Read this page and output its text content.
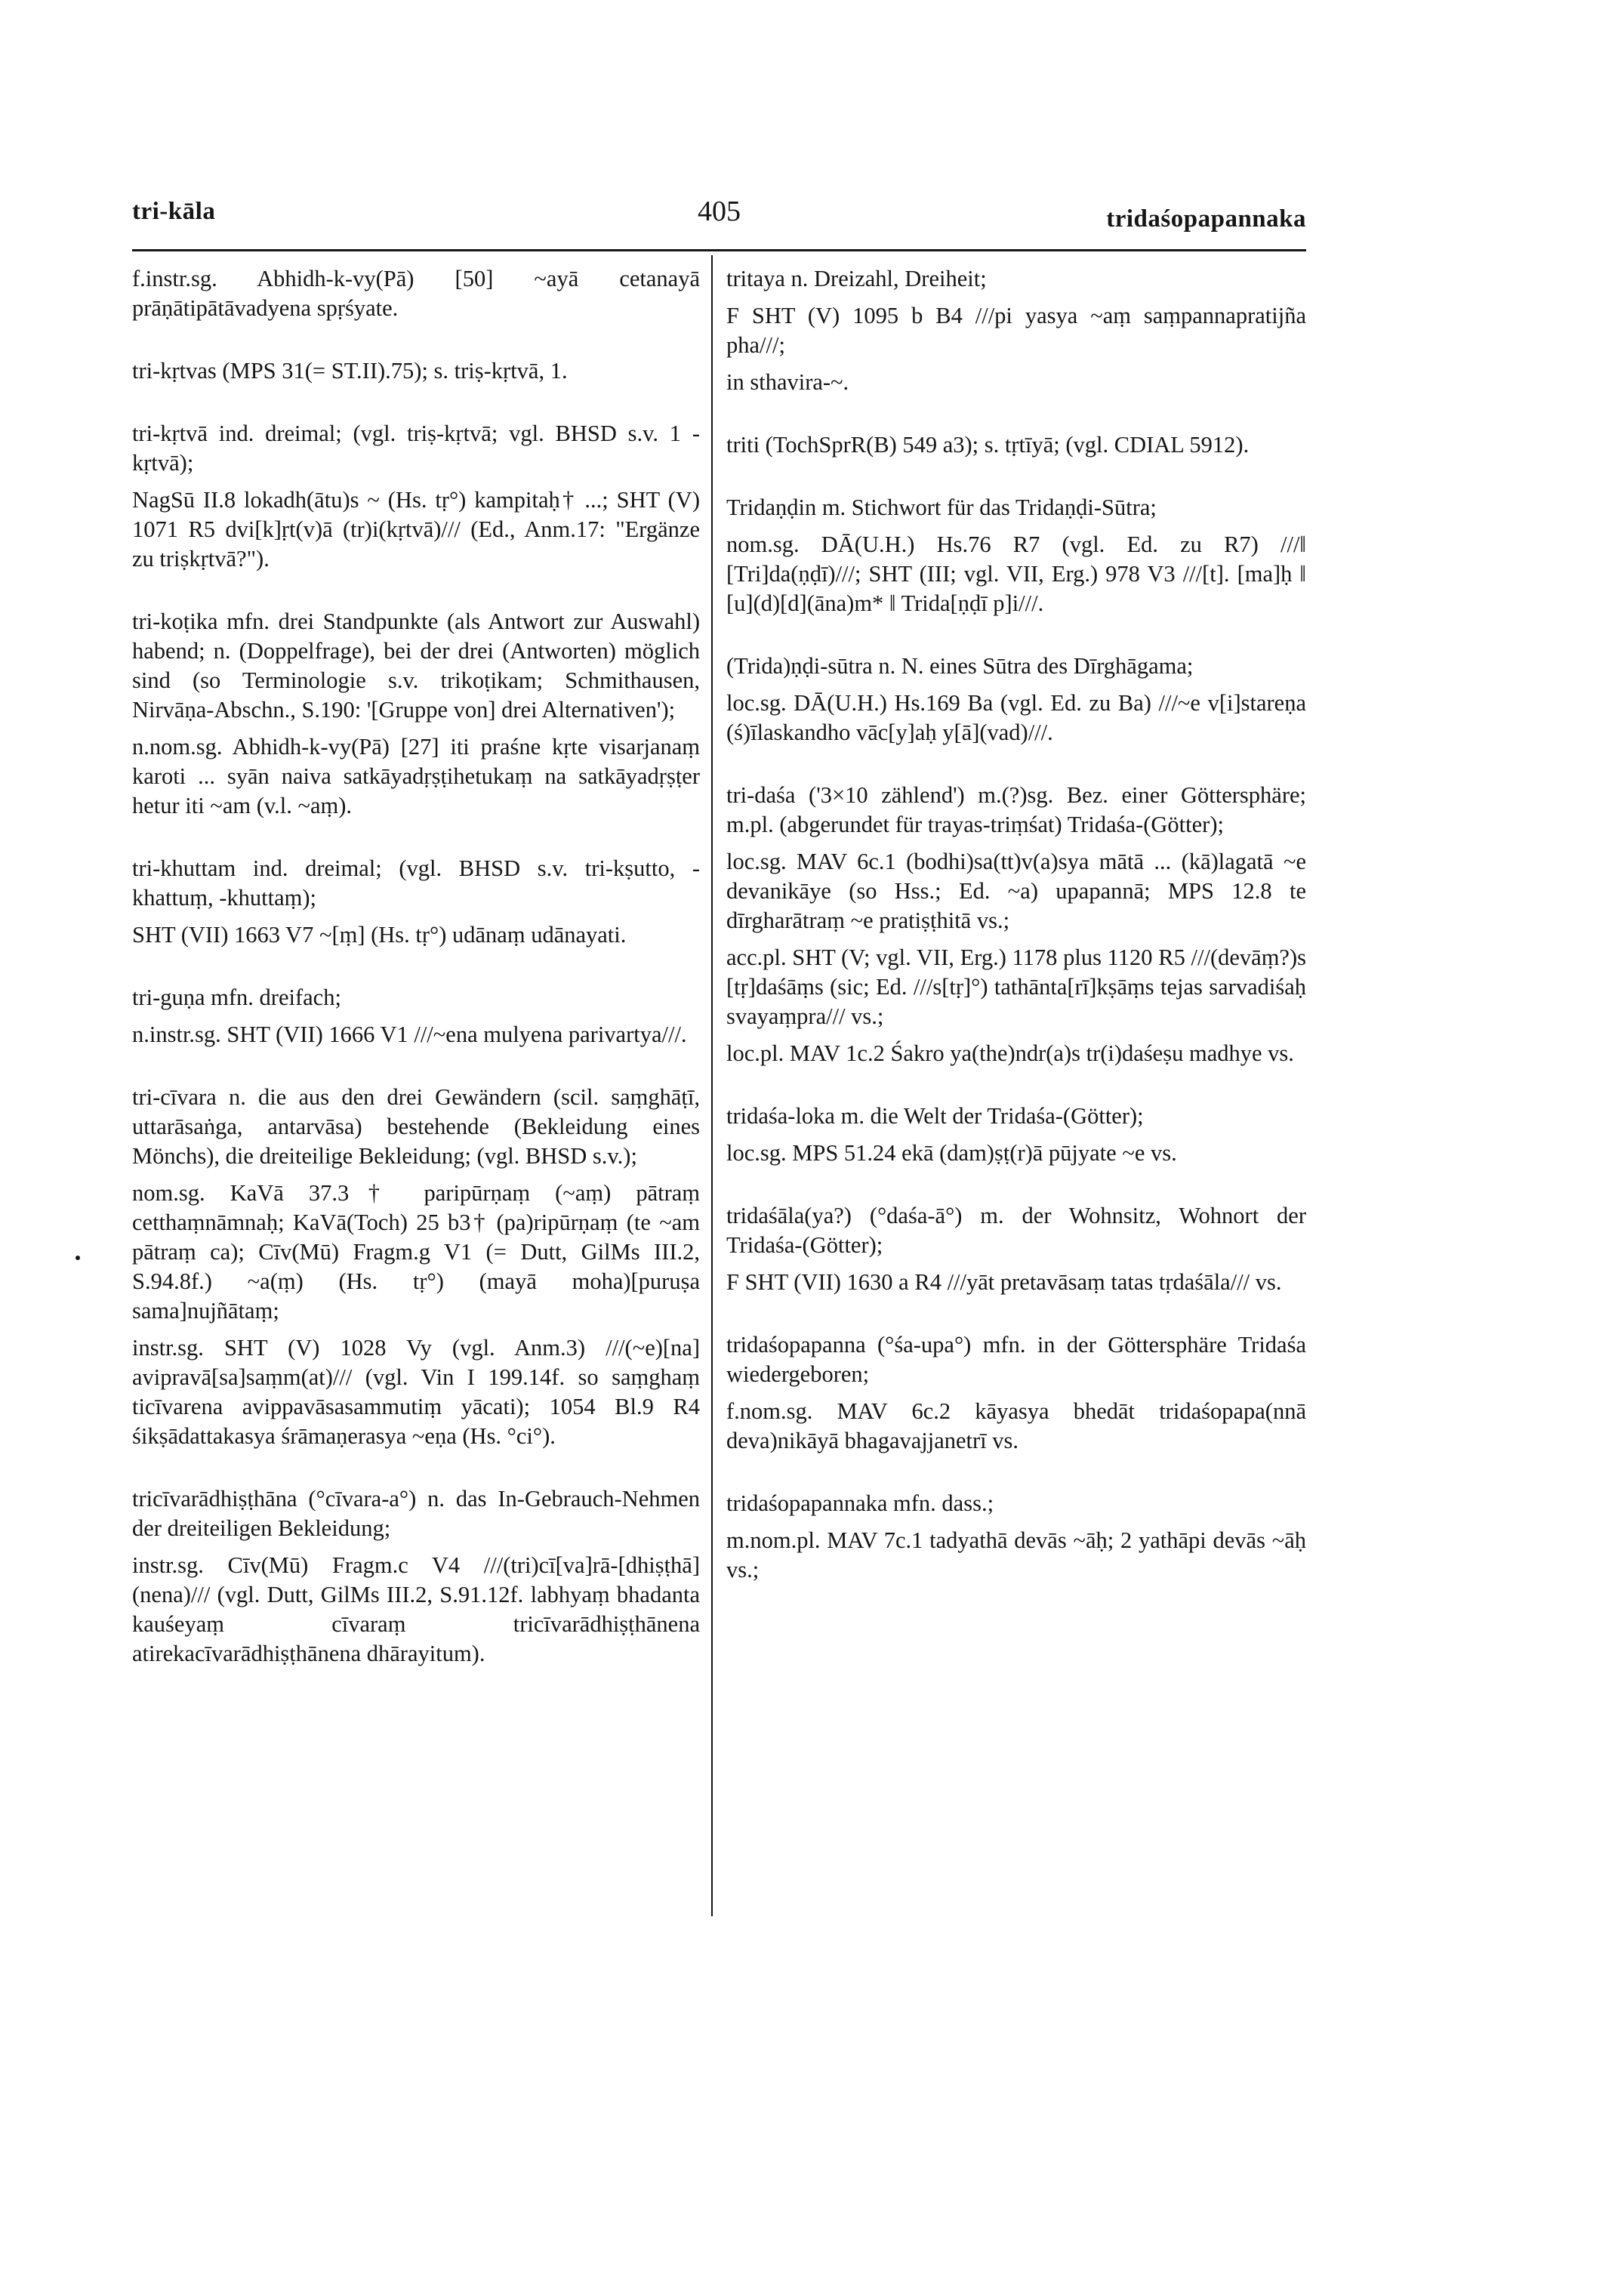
tri-kāla	405	tridaśopapannaka

f.instr.sg. Abhidh-k-vy(Pā) [50] ~ayā cetanayā prāṇātipātāvadyena spṛśyate.

tri-kṛtvas (MPS 31(= ST.II).75); s. triṣ-kṛtvā, 1.

tri-kṛtvā ind. dreimal; (vgl. triṣ-kṛtvā; vgl. BHSD s.v. 1 -kṛtvā);

NagSū II.8 lokadh(ātu)s ~ (Hs. tṛ°) kampitaḥ† ...; SHT (V) 1071 R5 dvi[k]ṛt(v)ā (tr)i(kṛtvā)/// (Ed., Anm.17: "Ergänze zu triṣkṛtvā?").

tri-koṭika mfn. drei Standpunkte (als Antwort zur Auswahl) habend; n. (Doppelfrage), bei der drei (Antworten) möglich sind (so Terminologie s.v. trikoṭikam; Schmithausen, Nirvāṇa-Abschn., S.190: '[Gruppe von] drei Alternativen');

n.nom.sg. Abhidh-k-vy(Pā) [27] iti praśne kṛte visarjanaṃ karoti ... syān naiva satkāyadṛṣṭihetukaṃ na satkāyadṛṣṭer hetur iti ~am (v.l. ~aṃ).

tri-khuttam ind. dreimal; (vgl. BHSD s.v. tri-kṣutto, -khattuṃ, -khuttaṃ);

SHT (VII) 1663 V7 ~[ṃ] (Hs. tṛ°) udānaṃ udānayati.

tri-guṇa mfn. dreifach;

n.instr.sg. SHT (VII) 1666 V1 ///~ena mulyena parivartya///.

tri-cīvara n. die aus den drei Gewändern (scil. saṃghāṭī, uttarāsaṅga, antarvāsa) bestehende (Bekleidung eines Mönchs), die dreiteilige Bekleidung; (vgl. BHSD s.v.);

nom.sg. KaVā 37.3† paripūrṇaṃ (~aṃ) pātraṃ cetthaṃnāmnaḥ; KaVā(Toch) 25 b3† (pa)ripūrṇaṃ (te ~am pātraṃ ca); Cīv(Mū) Fragm.g V1 (= Dutt, GilMs III.2, S.94.8f.) ~a(ṃ) (Hs. tṛ°) (mayā moha)[puruṣa sama]nujñātaṃ;

instr.sg. SHT (V) 1028 Vy (vgl. Anm.3) ///(~e)[na] avipravā[sa]saṃm(at)/// (vgl. Vin I 199.14f. so saṃghaṃ ticīvarena avippavāsasammutiṃ yācati); 1054 Bl.9 R4 śikṣādattakasya śrāmaṇerasya ~eṇa (Hs. °ci°).

tricīvarādhiṣṭhāna (°cīvara-a°) n. das In-Gebrauch-Nehmen der dreiteiligen Bekleidung;

instr.sg. Cīv(Mū) Fragm.c V4 ///(tri)cī[va]rā-[dhiṣṭhā](nena)/// (vgl. Dutt, GilMs III.2, S.91.12f. labhyaṃ bhadanta kauśeyaṃ cīvaraṃ tricīvarādhiṣṭhānena atirekacīvarādhiṣṭhānena dhārayitum).

tritaya n. Dreizahl, Dreiheit;

F SHT (V) 1095 b B4 ///pi yasya ~aṃ saṃpannapratijña pha///;

in sthavira-~.

triti (TochSprR(B) 549 a3); s. tṛtīyā; (vgl. CDIAL 5912).

Tridaṇḍin m. Stichwort für das Tridaṇḍi-Sūtra;

nom.sg. DĀ(U.H.) Hs.76 R7 (vgl. Ed. zu R7) ///‖ [Tri]da(ṇḍī)///; SHT (III; vgl. VII, Erg.) 978 V3 ///[t]. [ma]ḥ ‖ [u](d)[d](āna)m* ‖ Trida[ṇḍī p]i///.

(Trida)ṇḍi-sūtra n. N. eines Sūtra des Dīrghāgama;

loc.sg. DĀ(U.H.) Hs.169 Ba (vgl. Ed. zu Ba) ///~e v[i]stareṇa (ś)īlaskandho vāc[y]aḥ y[ā](vad)///.

tri-daśa ('3×10 zählend') m.(?)sg. Bez. einer Göttersphäre; m.pl. (abgerundet für trayas-triṃśat) Tridaśa-(Götter);

loc.sg. MAV 6c.1 (bodhi)sa(tt)v(a)sya mātā ... (kā)lagatā ~e devanikāye (so Hss.; Ed. ~a) upapannā; MPS 12.8 te dīrgharātraṃ ~e pratiṣṭhitā vs.;

acc.pl. SHT (V; vgl. VII, Erg.) 1178 plus 1120 R5 ///(devāṃ?)s [tṛ]daśāṃs (sic; Ed. ///s[tṛ]°) tathānta[rī]kṣāṃs tejas sarvadiśaḥ svayaṃpra/// vs.;

loc.pl. MAV 1c.2 Śakro ya(the)ndr(a)s tr(i)daśeṣu madhye vs.

tridaśa-loka m. die Welt der Tridaśa-(Götter);

loc.sg. MPS 51.24 ekā (dam)ṣṭ(r)ā pūjyate ~e vs.

tridaśāla(ya?) (°daśa-ā°) m. der Wohnsitz, Wohnort der Tridaśa-(Götter);

F SHT (VII) 1630 a R4 ///yāt pretavāsaṃ tatas tṛdaśāla/// vs.

tridaśopapanna (°śa-upa°) mfn. in der Göttersphäre Tridaśa wiedergeboren;

f.nom.sg. MAV 6c.2 kāyasya bhedāt tridaśopapa(nnā deva)nikāyā bhagavajjanetrī vs.

tridaśopapannaka mfn. dass.;

m.nom.pl. MAV 7c.1 tadyathā devās ~āḥ; 2 yathāpi devās ~āḥ vs.;
